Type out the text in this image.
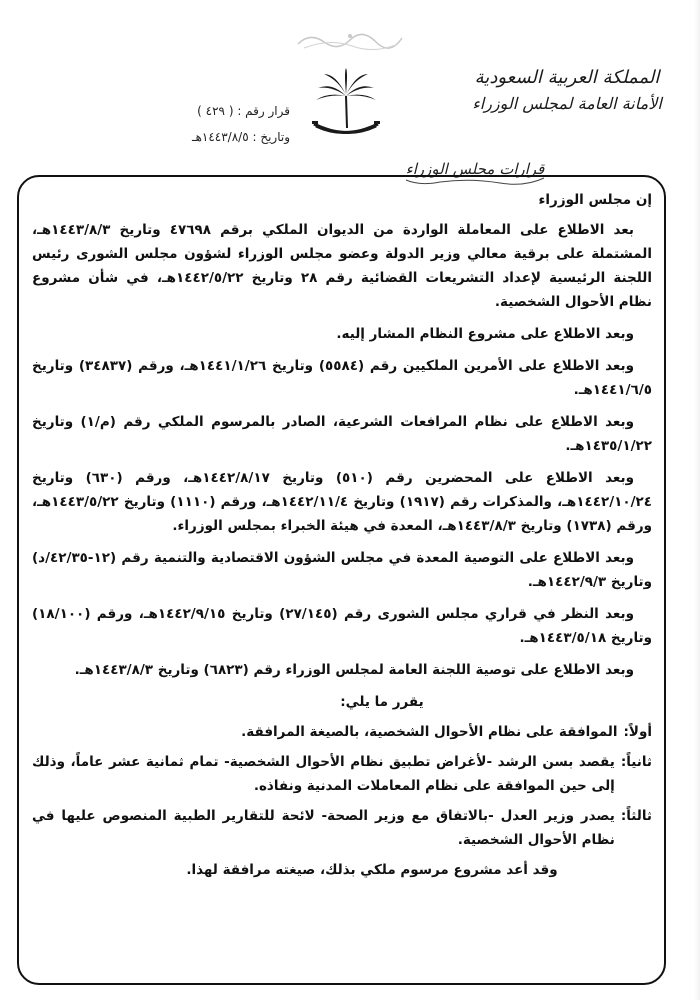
قرار رقم : ( ٤٢٩ )
وتاريخ : ١٤٤٣/٨/٥هـ
المملكة العربية السعودية
الأمانة العامة لمجلس الوزراء
قرارات مجلس الوزراء
إن مجلس الوزراء

بعد الاطلاع على المعاملة الواردة من الديوان الملكي برقم ٤٧٦٩٨ وتاريخ ١٤٤٣/٨/٣هـ، المشتملة على برقية معالي وزير الدولة وعضو مجلس الوزراء لشؤون مجلس الشورى رئيس اللجنة الرئيسية لإعداد التشريعات القضائية رقم ٢٨ وتاريخ ١٤٤٢/٥/٢٢هـ، في شأن مشروع نظام الأحوال الشخصية.

وبعد الاطلاع على مشروع النظام المشار إليه.

وبعد الاطلاع على الأمرين الملكيين رقم (٥٥٨٤) وتاريخ ١٤٤١/١/٢٦هـ، ورقم (٣٤٨٣٧) وتاريخ ١٤٤١/٦/٥هـ.

وبعد الاطلاع على نظام المرافعات الشرعية، الصادر بالمرسوم الملكي رقم (م/١) وتاريخ ١٤٣٥/١/٢٢هـ.

وبعد الاطلاع على المحضرين رقم (٥١٠) وتاريخ ١٤٤٢/٨/١٧هـ، ورقم (٦٣٠) وتاريخ ١٤٤٢/١٠/٢٤هـ، والمذكرات رقم (١٩١٧) وتاريخ ١٤٤٢/١١/٤هـ، ورقم (١١١٠) وتاريخ ١٤٤٣/٥/٢٢هـ، ورقم (١٧٣٨) وتاريخ ١٤٤٣/٨/٣هـ، المعدة في هيئة الخبراء بمجلس الوزراء.

وبعد الاطلاع على التوصية المعدة في مجلس الشؤون الاقتصادية والتنمية رقم (١٢-٤٢/٣٥/د) وتاريخ ١٤٤٢/٩/٣هـ.

وبعد النظر في قراري مجلس الشورى رقم (٢٧/١٤٥) وتاريخ ١٤٤٢/٩/١٥هـ، ورقم (١٨/١٠٠) وتاريخ ١٤٤٣/٥/١٨هـ.

وبعد الاطلاع على توصية اللجنة العامة لمجلس الوزراء رقم (٦٨٢٣) وتاريخ ١٤٤٣/٨/٣هـ.

يقرر ما يلي:
أولاً:
الموافقة على نظام الأحوال الشخصية، بالصيغة المرافقة.
ثانياً:
يقصد بسن الرشد -لأغراض تطبيق نظام الأحوال الشخصية- تمام ثمانية عشر عاماً، وذلك إلى حين الموافقة على نظام المعاملات المدنية ونفاذه.
ثالثاً:
يصدر وزير العدل -بالاتفاق مع وزير الصحة- لائحة للتقارير الطبية المنصوص عليها في نظام الأحوال الشخصية.
وقد أعد مشروع مرسوم ملكي بذلك، صيغته مرافقة لهذا.
